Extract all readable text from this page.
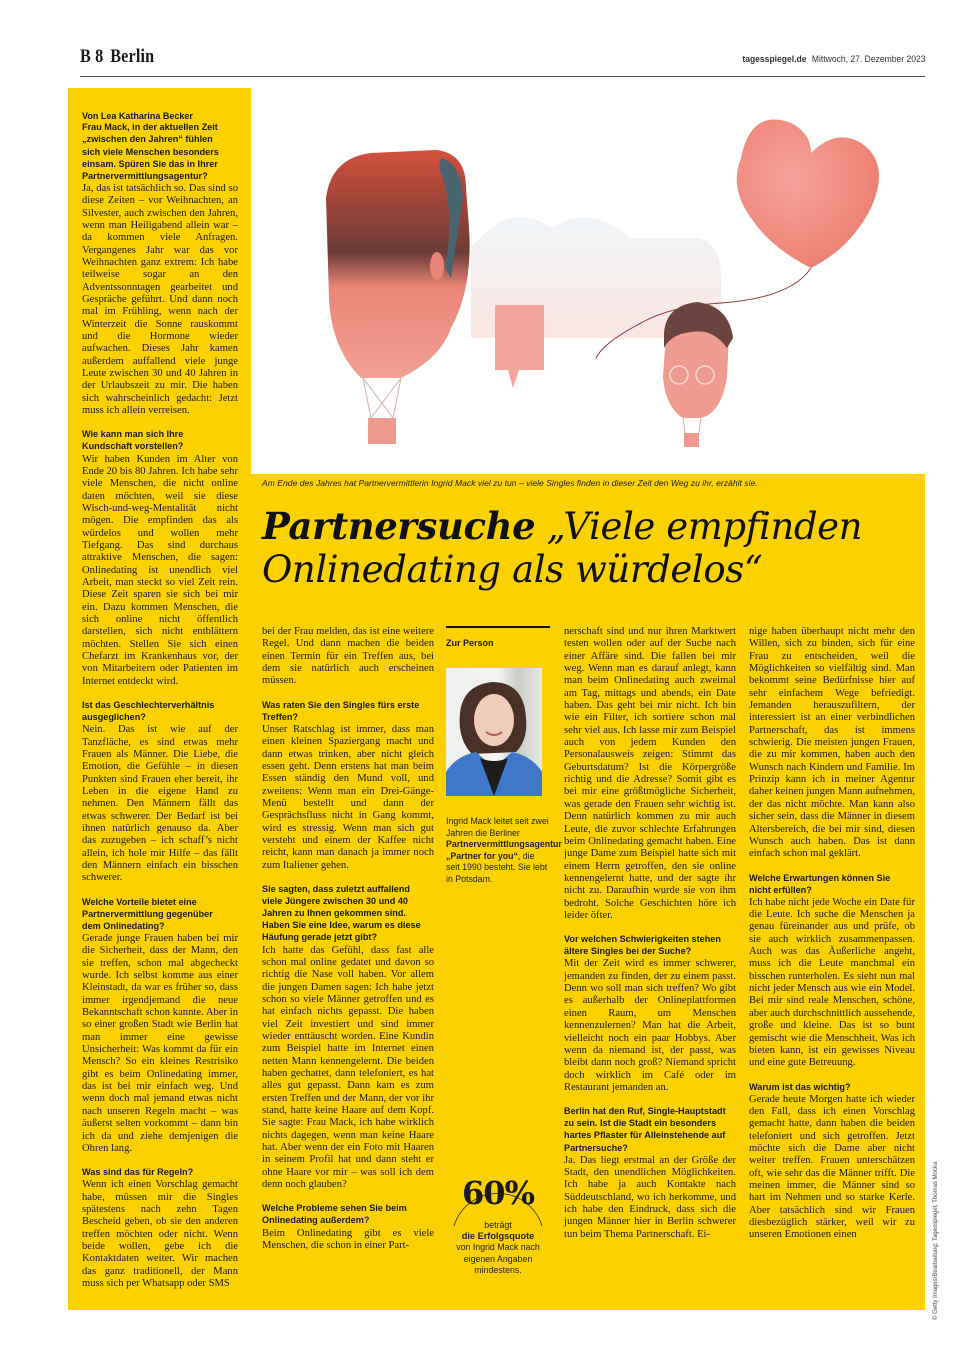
B 8 Berlin	tagesspiegel.de Mittwoch, 27. Dezember 2023

Von Lea Katharina Becker

Frau Mack, in der aktuellen Zeit „zwischen den Jahren“ fühlen sich viele Menschen besonders einsam. Spüren Sie das in Ihrer Partnervermittlungsagentur?

Ja, das ist tatsächlich so. Das sind so diese Zeiten – vor Weihnachten, an Silvester, auch zwischen den Jahren, wenn man Heiligabend allein war – da kommen viele Anfragen. Vergangenes Jahr war das vor Weihnachten ganz extrem: Ich habe teilweise sogar an den Adventssonntagen gearbeitet und Gespräche geführt. Und dann noch mal im Frühling, wenn nach der Winterzeit die Sonne rauskommt und die Hormone wieder aufwachen. Dieses Jahr kamen außerdem auffallend viele junge Leute zwischen 30 und 40 Jahren in der Urlaubszeit zu mir. Die haben sich wahrscheinlich gedacht: Jetzt muss ich allein verreisen.

Wie kann man sich Ihre Kundschaft vorstellen?

Wir haben Kunden im Alter von Ende 20 bis 80 Jahren. Ich habe sehr viele Menschen, die nicht online daten möchten, weil sie diese Wisch-und-weg-Mentalität nicht mögen. Die empfinden das als würdelos und wollen mehr Tiefgang. Das sind durchaus attraktive Menschen, die sagen: Onlinedating ist unendlich viel Arbeit, man steckt so viel Zeit rein. Diese Zeit sparen sie sich bei mir ein. Dazu kommen Menschen, die sich online nicht öffentlich darstellen, sich nicht entblättern möchten. Stellen Sie sich einen Chefarzt im Krankenhaus vor, der von Mitarbeitern oder Patienten im Internet entdeckt wird.

Ist das Geschlechterverhältnis ausgeglichen?

Nein. Das ist wie auf der Tanzfläche, es sind etwas mehr Frauen als Männer. Die Liebe, die Emotion, die Gefühle – in diesen Punkten sind Frauen eher bereit, ihr Leben in die eigene Hand zu nehmen. Den Männern fällt das etwas schwerer. Der Bedarf ist bei ihnen natürlich genauso da. Aber das zuzugeben – ich schaff’s nicht allein, ich hole mir Hilfe – das fällt den Männern einfach ein bisschen schwerer.

Welche Vorteile bietet eine Partnervermittlung gegenüber dem Onlinedating?

Gerade junge Frauen haben bei mir die Sicherheit, dass der Mann, den sie treffen, schon mal abgecheckt wurde. Ich selbst komme aus einer Kleinstadt, da war es früher so, dass immer irgendjemand die neue Bekanntschaft schon kannte. Aber in so einer großen Stadt wie Berlin hat man immer eine gewisse Unsicherheit: Was kommt da für ein Mensch? So ein kleines Restrisiko gibt es beim Onlinedating immer, das ist bei mir einfach weg. Und wenn doch mal jemand etwas nicht nach unseren Regeln macht – was äußerst selten vorkommt – dann bin ich da und ziehe demjenigen die Ohren lang.

Was sind das für Regeln?

Wenn ich einen Vorschlag gemacht habe, müssen mir die Singles spätestens nach zehn Tagen Bescheid geben, ob sie den anderen treffen möchten oder nicht. Wenn beide wollen, gebe ich die Kontaktdaten weiter. Wir machen das ganz traditionell, der Mann muss sich per Whatsapp oder SMS

Am Ende des Jahres hat Partnervermittlerin Ingrid Mack viel zu tun – viele Singles finden in dieser Zeit den Weg zu ihr, erzählt sie.
Partnersuche „Viele empfinden Onlinedating als würdelos“

bei der Frau melden, das ist eine weitere Regel. Und dann machen die beiden einen Termin für ein Treffen aus, bei dem sie natürlich auch erscheinen müssen.

Was raten Sie den Singles fürs erste Treffen?

Unser Ratschlag ist immer, dass man einen kleinen Spaziergang macht und dann etwas trinken, aber nicht gleich essen geht. Denn erstens hat man beim Essen ständig den Mund voll, und zweitens: Wenn man ein Drei-Gänge-Menü bestellt und dann der Gesprächsfluss nicht in Gang kommt, wird es stressig. Wenn man sich gut versteht und einem der Kaffee nicht reicht, kann man danach ja immer noch zum Italiener gehen.

Sie sagten, dass zuletzt auffallend viele Jüngere zwischen 30 und 40 Jahren zu Ihnen gekommen sind. Haben Sie eine Idee, warum es diese Häufung gerade jetzt gibt?

Ich hatte das Gefühl, dass fast alle schon mal online gedatet und davon so richtig die Nase voll haben. Vor allem die jungen Damen sagen: Ich habe jetzt schon so viele Männer getroffen und es hat einfach nichts gepasst. Die haben viel Zeit investiert und sind immer wieder enttäuscht worden. Eine Kundin zum Beispiel hatte im Internet einen netten Mann kennengelernt. Die beiden haben gechattet, dann telefoniert, es hat alles gut gepasst. Dann kam es zum ersten Treffen und der Mann, der vor ihr stand, hatte keine Haare auf dem Kopf. Sie sagte: Frau Mack, ich habe wirklich nichts dagegen, wenn man keine Haare hat. Aber wenn der ein Foto mit Haaren in seinem Profil hat und dann steht er ohne Haare vor mir – was soll ich dem denn noch glauben?

Welche Probleme sehen Sie beim Onlinedating außerdem?

Beim Onlinedating gibt es viele Menschen, die schon in einer Part-

Zur Person
Ingrid Mack leitet seit zwei Jahren die Berliner Partnervermittlungsagentur „Partner for you“, die seit 1990 besteht. Sie lebt in Potsdam.
60%
beträgt
die Erfolgsquote
von Ingrid Mack nach eigenen Angaben mindestens.

nerschaft sind und nur ihren Marktwert testen wollen oder auf der Suche nach einer Affäre sind. Die fallen bei mir weg. Wenn man es darauf anlegt, kann man beim Onlinedating auch zweimal am Tag, mittags und abends, ein Date haben. Das geht bei mir nicht. Ich bin wie ein Filter, ich sortiere schon mal sehr viel aus. Ich lasse mir zum Beispiel auch von jedem Kunden den Personalausweis zeigen: Stimmt das Geburtsdatum? Ist die Körpergröße richtig und die Adresse? Somit gibt es bei mir eine größtmögliche Sicherheit, was gerade den Frauen sehr wichtig ist. Denn natürlich kommen zu mir auch Leute, die zuvor schlechte Erfahrungen beim Onlinedating gemacht haben. Eine junge Dame zum Beispiel hatte sich mit einem Herrn getroffen, den sie online kennengelernt hatte, und der sagte ihr nicht zu. Daraufhin wurde sie von ihm bedroht. Solche Geschichten höre ich leider öfter.

Vor welchen Schwierigkeiten stehen ältere Singles bei der Suche?

Mit der Zeit wird es immer schwerer, jemanden zu finden, der zu einem passt. Denn wo soll man sich treffen? Wo gibt es außerhalb der Onlineplattformen einen Raum, um Menschen kennenzulernen? Man hat die Arbeit, vielleicht noch ein paar Hobbys. Aber wenn da niemand ist, der passt, was bleibt dann noch groß? Niemand spricht doch wirklich im Café oder im Restaurant jemanden an.

Berlin hat den Ruf, Single-Hauptstadt zu sein. Ist die Stadt ein besonders hartes Pflaster für Alleinstehende auf Partnersuche?

Ja. Das liegt erstmal an der Größe der Stadt, den unendlichen Möglichkeiten. Ich habe ja auch Kontakte nach Süddeutschland, wo ich herkomme, und ich habe den Eindruck, dass sich die jungen Männer hier in Berlin schwerer tun beim Thema Partnerschaft. Ei-

nige haben überhaupt nicht mehr den Willen, sich zu binden, sich für eine Frau zu entscheiden, weil die Möglichkeiten so vielfältig sind. Man bekommt seine Bedürfnisse hier auf sehr einfachem Wege befriedigt. Jemanden herauszufiltern, der interessiert ist an einer verbindlichen Partnerschaft, das ist immens schwierig. Die meisten jungen Frauen, die zu mir kommen, haben auch den Wunsch nach Kindern und Familie. Im Prinzip kann ich in meiner Agentur daher keinen jungen Mann aufnehmen, der das nicht möchte. Man kann also sicher sein, dass die Männer in diesem Altersbereich, die bei mir sind, diesen Wunsch auch haben. Das ist dann einfach schon mal geklärt.

Welche Erwartungen können Sie nicht erfüllen?

Ich habe nicht jede Woche ein Date für die Leute. Ich suche die Menschen ja genau füreinander aus und prüfe, ob sie auch wirklich zusammenpassen. Auch was das Äußerliche angeht, muss ich die Leute manchmal ein bisschen runterholen. Es sieht nun mal nicht jeder Mensch aus wie ein Model. Bei mir sind reale Menschen, schöne, aber auch durchschnittlich aussehende, große und kleine. Das ist so bunt gemischt wie die Menschheit. Was ich bieten kann, ist ein gewisses Niveau und eine gute Betreuung.

Warum ist das wichtig?

Gerade heute Morgen hatte ich wieder den Fall, dass ich einen Vorschlag gemacht hatte, dann haben die beiden telefoniert und sich getroffen. Jetzt möchte sich die Dame aber nicht weiter treffen. Frauen unterschätzen oft, wie sehr das die Männer trifft. Die meinen immer, die Männer sind so hart im Nehmen und so starke Kerle. Aber tatsächlich sind wir Frauen diesbezüglich stärker, weil wir zu unseren Emotionen einen	© Getty Images/Bearbeitung: Tagesspiegel; Thomas Mocka
